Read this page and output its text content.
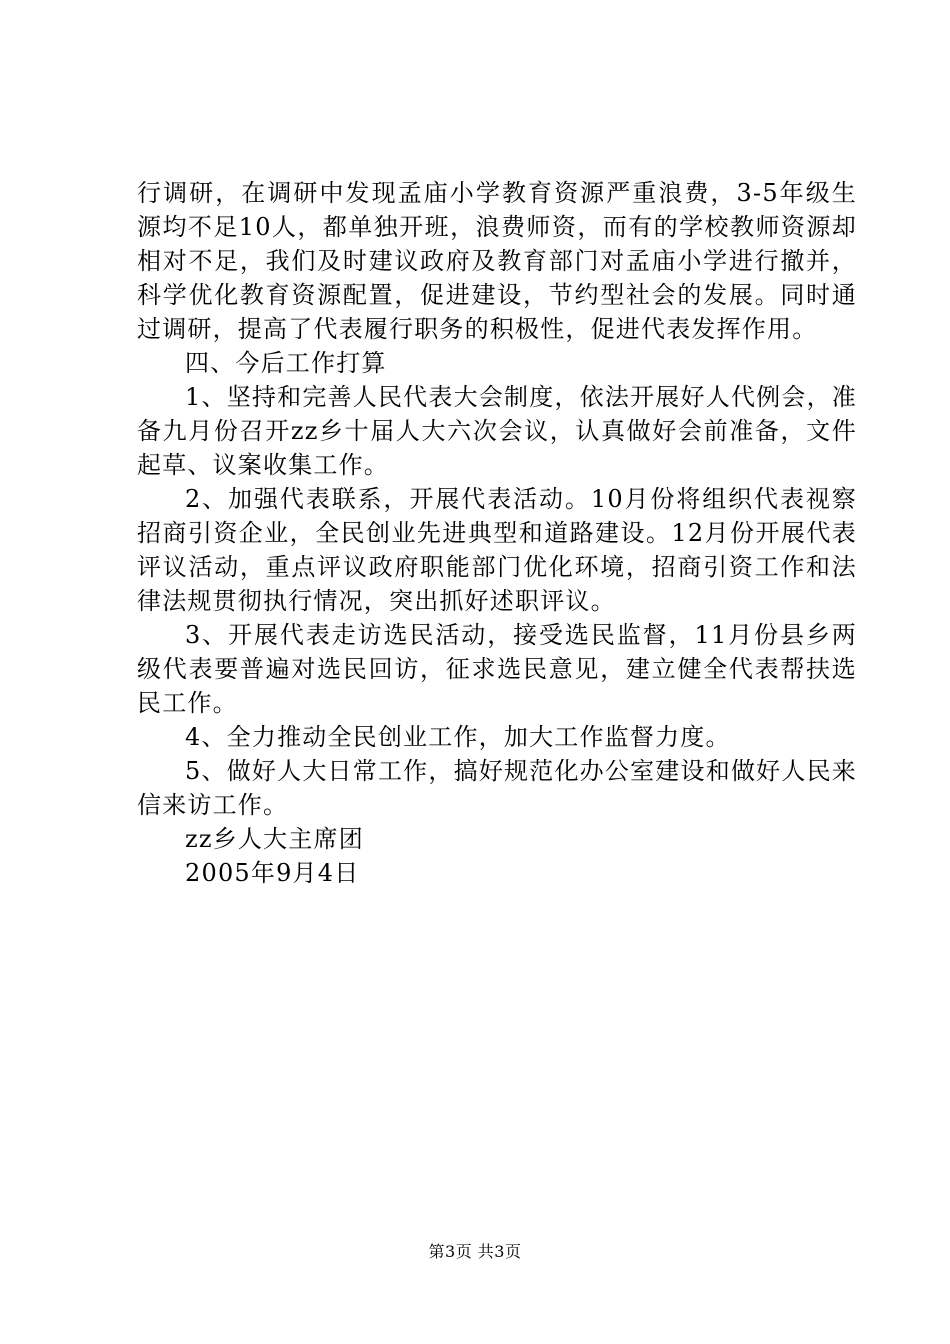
行调研，在调研中发现孟庙小学教育资源严重浪费，3-5年级生源均不足10人，都单独开班，浪费师资，而有的学校教师资源却相对不足，我们及时建议政府及教育部门对孟庙小学进行撤并，科学优化教育资源配置，促进建设，节约型社会的发展。同时通过调研，提高了代表履行职务的积极性，促进代表发挥作用。

四、今后工作打算

1、坚持和完善人民代表大会制度，依法开展好人代例会，准备九月份召开zz乡十届人大六次会议，认真做好会前准备，文件起草、议案收集工作。

2、加强代表联系，开展代表活动。10月份将组织代表视察招商引资企业，全民创业先进典型和道路建设。12月份开展代表评议活动，重点评议政府职能部门优化环境，招商引资工作和法律法规贯彻执行情况，突出抓好述职评议。

3、开展代表走访选民活动，接受选民监督，11月份县乡两级代表要普遍对选民回访，征求选民意见，建立健全代表帮扶选民工作。

4、全力推动全民创业工作，加大工作监督力度。

5、做好人大日常工作，搞好规范化办公室建设和做好人民来信来访工作。

zz乡人大主席团

2005年9月4日

第3页 共3页
